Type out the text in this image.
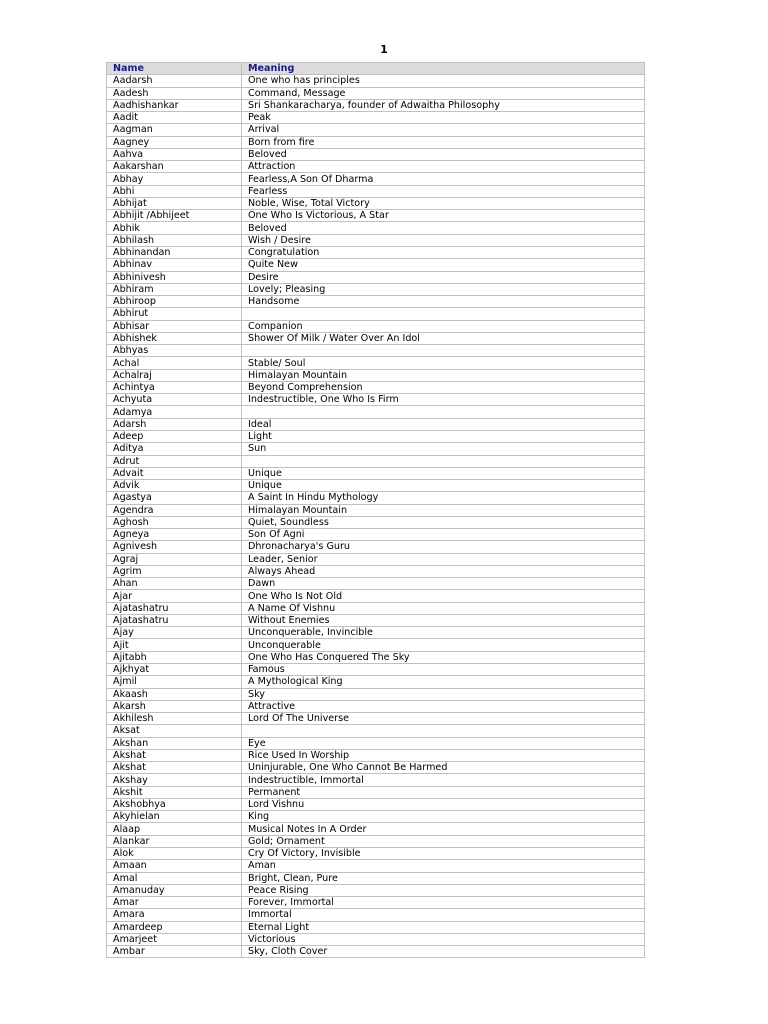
1
Name	Meaning
Aadarsh	One who has principles
Aadesh	Command, Message
Aadhishankar	Sri Shankaracharya, founder of Adwaitha Philosophy
Aadit	Peak
Aagman	Arrival
Aagney	Born from fire
Aahva	Beloved
Aakarshan	Attraction
Abhay	Fearless,A Son Of Dharma
Abhi	Fearless
Abhijat	Noble, Wise, Total Victory
Abhijit /Abhijeet	One Who Is Victorious, A Star
Abhik	Beloved
Abhilash	Wish / Desire
Abhinandan	Congratulation
Abhinav	Quite New
Abhinivesh	Desire
Abhiram	Lovely; Pleasing
Abhiroop	Handsome
Abhirut	
Abhisar	Companion
Abhishek	Shower Of Milk / Water Over An Idol
Abhyas	
Achal	Stable/ Soul
Achalraj	Himalayan Mountain
Achintya	Beyond Comprehension
Achyuta	Indestructible, One Who Is Firm
Adamya	
Adarsh	Ideal
Adeep	Light
Aditya	Sun
Adrut	
Advait	Unique
Advik	Unique
Agastya	A Saint In Hindu Mythology
Agendra	Himalayan Mountain
Aghosh	Quiet, Soundless
Agneya	Son Of Agni
Agnivesh	Dhronacharya's Guru
Agraj	Leader, Senior
Agrim	Always Ahead
Ahan	Dawn
Ajar	One Who Is Not Old
Ajatashatru	A Name Of Vishnu
Ajatashatru	Without Enemies
Ajay	Unconquerable, Invincible
Ajit	Unconquerable
Ajitabh	One Who Has Conquered The Sky
Ajkhyat	Famous
Ajmil	A Mythological King
Akaash	Sky
Akarsh	Attractive
Akhilesh	Lord Of The Universe
Aksat	
Akshan	Eye
Akshat	Rice Used In Worship
Akshat	Uninjurable, One Who Cannot Be Harmed
Akshay	Indestructible, Immortal
Akshit	Permanent
Akshobhya	Lord Vishnu
Akyhielan	King
Alaap	Musical Notes In A Order
Alankar	Gold; Ornament
Alok	Cry Of Victory, Invisible
Amaan	Aman
Amal	Bright, Clean, Pure
Amanuday	Peace Rising
Amar	Forever, Immortal
Amara	Immortal
Amardeep	Eternal Light
Amarjeet	Victorious
Ambar	Sky, Cloth Cover
